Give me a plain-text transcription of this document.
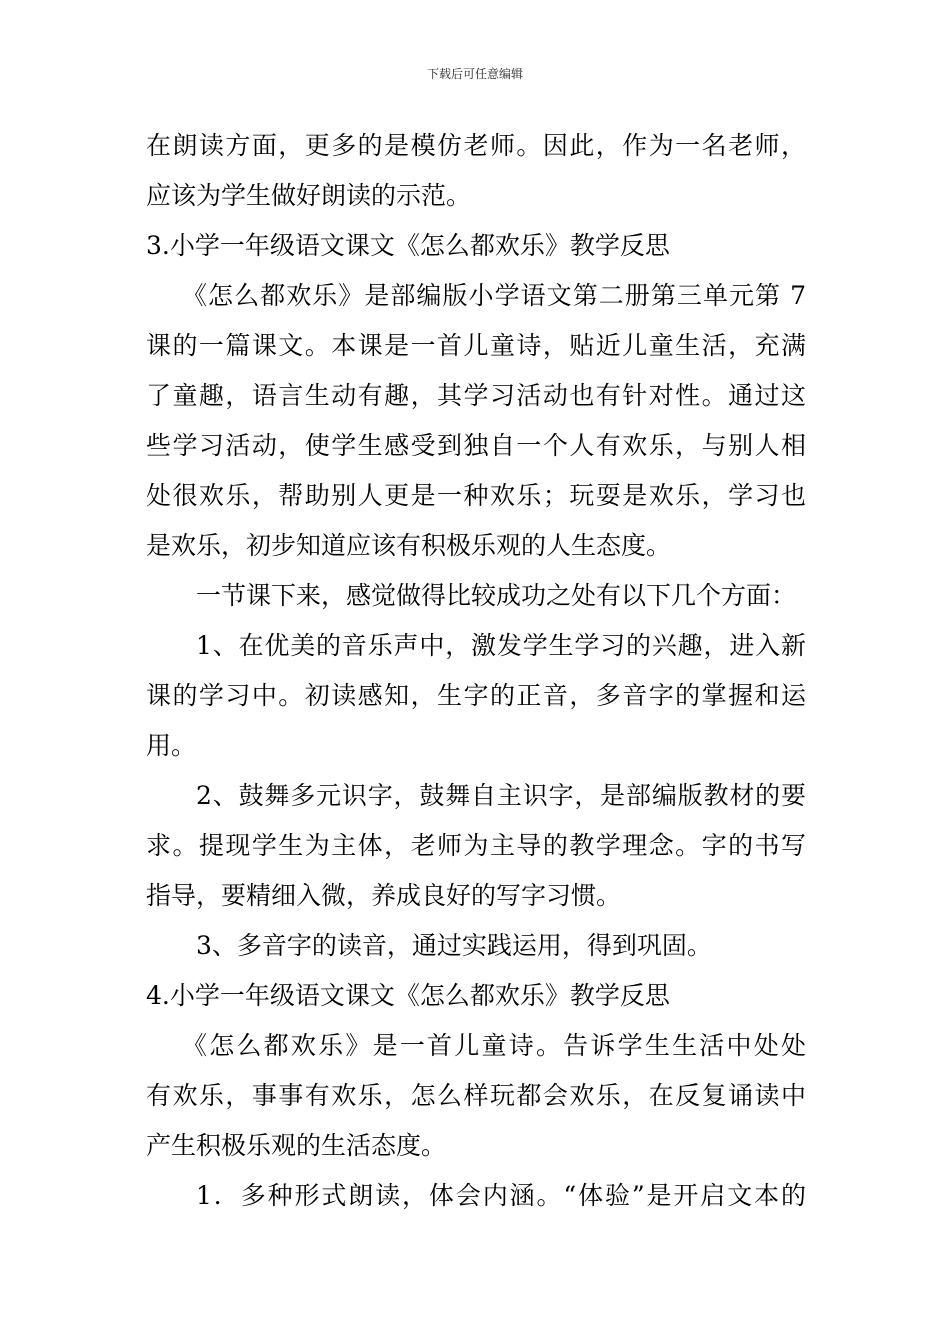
下载后可任意编辑
在朗读方面，更多的是模仿老师。因此，作为一名老师，
应该为学生做好朗读的示范。
3.小学一年级语文课文《怎么都欢乐》教学反思
《怎么都欢乐》是部编版小学语文第二册第三单元第 7
课的一篇课文。本课是一首儿童诗，贴近儿童生活，充满
了童趣，语言生动有趣，其学习活动也有针对性。通过这
些学习活动，使学生感受到独自一个人有欢乐，与别人相
处很欢乐，帮助别人更是一种欢乐；玩耍是欢乐，学习也
是欢乐，初步知道应该有积极乐观的人生态度。
一节课下来，感觉做得比较成功之处有以下几个方面：
1、在优美的音乐声中，激发学生学习的兴趣，进入新
课的学习中。初读感知，生字的正音，多音字的掌握和运
用。
2、鼓舞多元识字，鼓舞自主识字，是部编版教材的要
求。提现学生为主体，老师为主导的教学理念。字的书写
指导，要精细入微，养成良好的写字习惯。
3、多音字的读音，通过实践运用，得到巩固。
4.小学一年级语文课文《怎么都欢乐》教学反思
《怎么都欢乐》是一首儿童诗。告诉学生生活中处处
有欢乐，事事有欢乐，怎么样玩都会欢乐，在反复诵读中
产生积极乐观的生活态度。
1．多种形式朗读，体会内涵。“体验”是开启文本的
